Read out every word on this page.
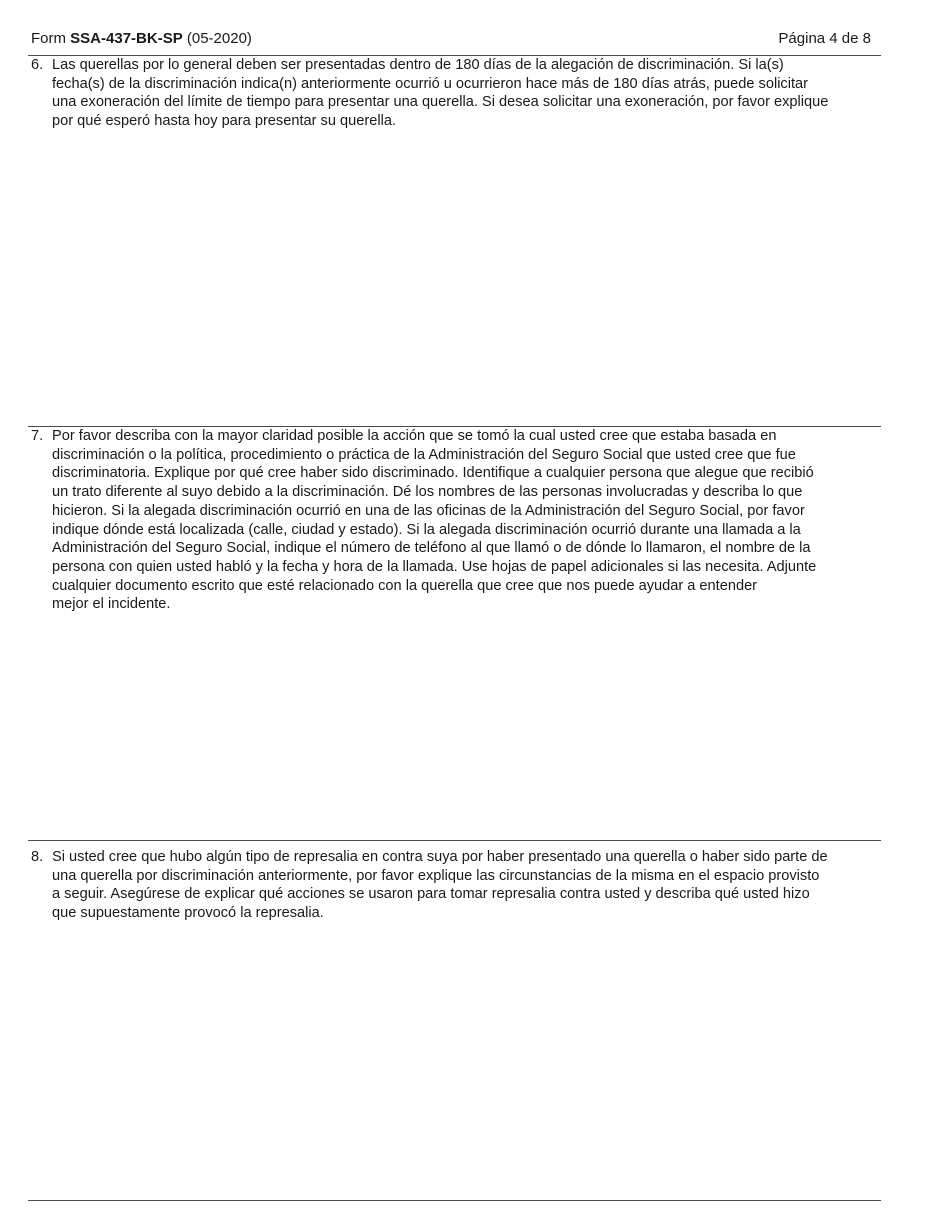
Form SSA-437-BK-SP (05-2020)	Página 4 de 8
6. Las querellas por lo general deben ser presentadas dentro de 180 días de la alegación de discriminación. Si la(s)
fecha(s) de la discriminación indica(n) anteriormente ocurrió u ocurrieron hace más de 180 días atrás, puede solicitar
una exoneración del límite de tiempo para presentar una querella. Si desea solicitar una exoneración, por favor explique
por qué esperó hasta hoy para presentar su querella.
7. Por favor describa con la mayor claridad posible la acción que se tomó la cual usted cree que estaba basada en
discriminación o la política, procedimiento o práctica de la Administración del Seguro Social que usted cree que fue
discriminatoria. Explique por qué cree haber sido discriminado. Identifique a cualquier persona que alegue que recibió
un trato diferente al suyo debido a la discriminación. Dé los nombres de las personas involucradas y describa lo que
hicieron. Si la alegada discriminación ocurrió en una de las oficinas de la Administración del Seguro Social, por favor
indique dónde está localizada (calle, ciudad y estado). Si la alegada discriminación ocurrió durante una llamada a la
Administración del Seguro Social, indique el número de teléfono al que llamó o de dónde lo llamaron, el nombre de la
persona con quien usted habló y la fecha y hora de la llamada. Use hojas de papel adicionales si las necesita. Adjunte
cualquier documento escrito que esté relacionado con la querella que cree que nos puede ayudar a entender
mejor el incidente.
8. Si usted cree que hubo algún tipo de represalia en contra suya por haber presentado una querella o haber sido parte de
una querella por discriminación anteriormente, por favor explique las circunstancias de la misma en el espacio provisto
a seguir. Asegúrese de explicar qué acciones se usaron para tomar represalia contra usted y describa qué usted hizo
que supuestamente provocó la represalia.
